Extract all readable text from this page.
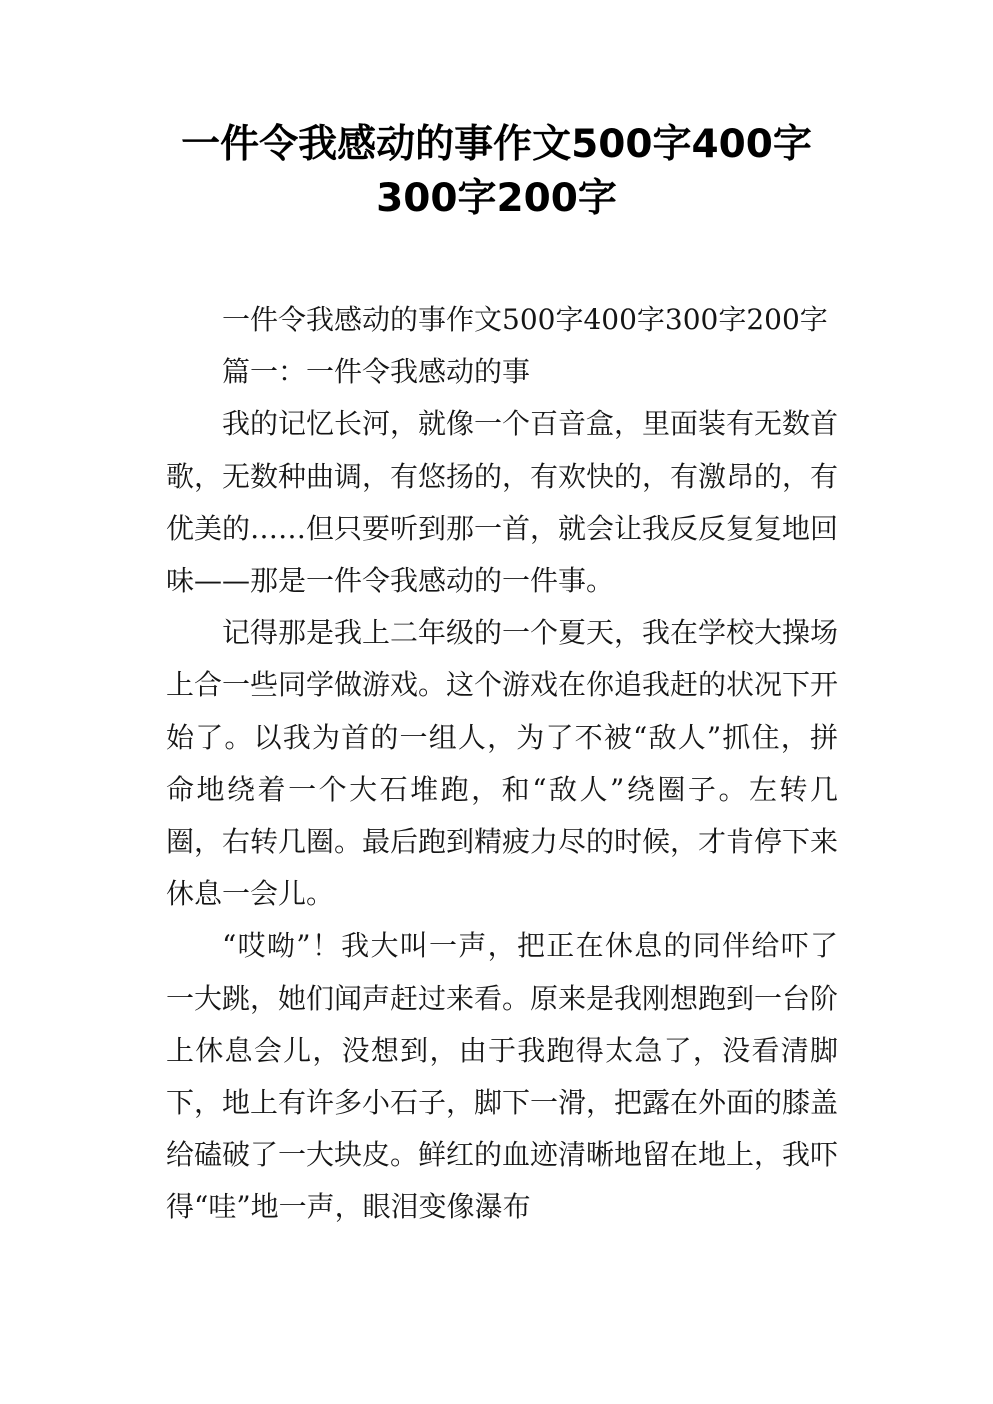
一件令我感动的事作文500字400字
300字200字

一件令我感动的事作文500字400字300字200字

篇一：一件令我感动的事

我的记忆长河，就像一个百音盒，里面装有无数首歌，无数种曲调，有悠扬的，有欢快的，有激昂的，有优美的……但只要听到那一首，就会让我反反复复地回味——那是一件令我感动的一件事。

记得那是我上二年级的一个夏天，我在学校大操场上合一些同学做游戏。这个游戏在你追我赶的状况下开始了。以我为首的一组人，为了不被“敌人”抓住，拼命地绕着一个大石堆跑，和“敌人”绕圈子。左转几圈，右转几圈。最后跑到精疲力尽的时候，才肯停下来休息一会儿。

“哎呦”！我大叫一声，把正在休息的同伴给吓了一大跳，她们闻声赶过来看。原来是我刚想跑到一台阶上休息会儿，没想到，由于我跑得太急了，没看清脚下，地上有许多小石子，脚下一滑，把露在外面的膝盖给磕破了一大块皮。鲜红的血迹清晰地留在地上，我吓得“哇”地一声，眼泪变像瀑布
